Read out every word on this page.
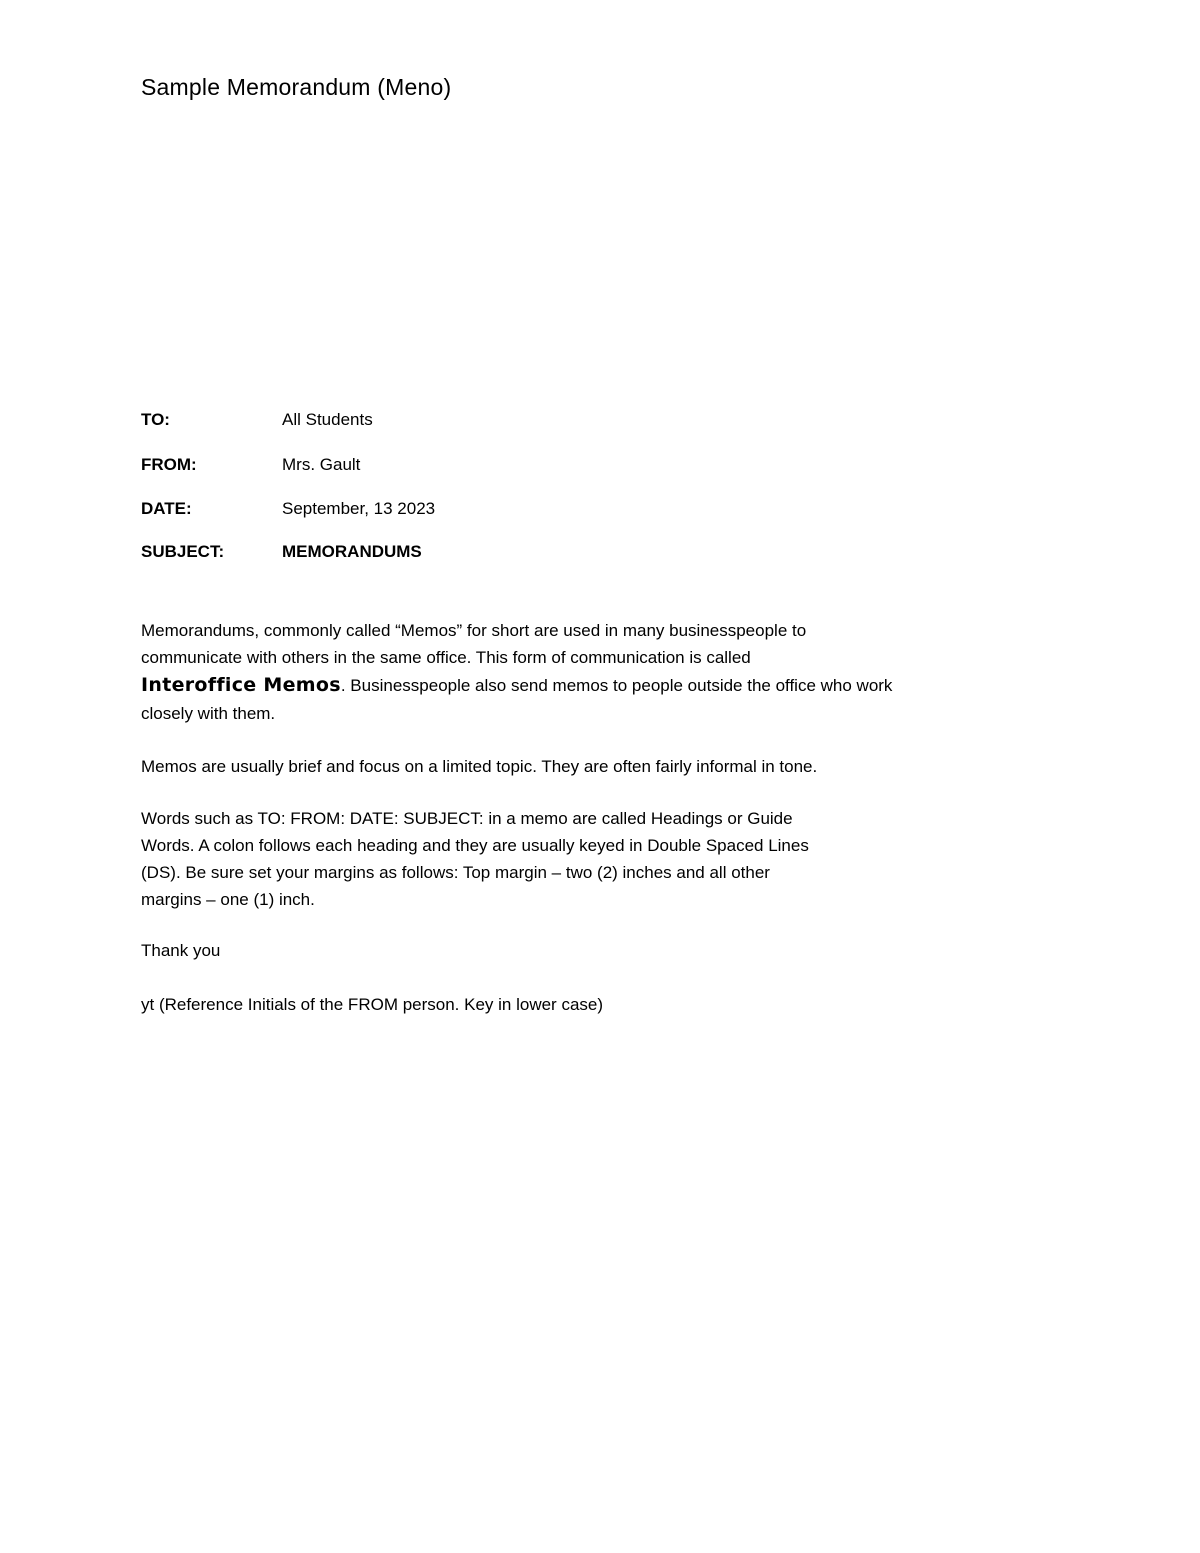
Sample Memorandum (Meno)
TO:	All Students
FROM:	Mrs. Gault
DATE:	September, 13 2023
SUBJECT:	MEMORANDUMS
Memorandums, commonly called “Memos” for short are used in many businesspeople to
communicate with others in the same office. This form of communication is called
Interoffice Memos. Businesspeople also send memos to people outside the office who work
closely with them.
Memos are usually brief and focus on a limited topic. They are often fairly informal in tone.
Words such as TO: FROM: DATE: SUBJECT: in a memo are called Headings or Guide
Words. A colon follows each heading and they are usually keyed in Double Spaced Lines
(DS). Be sure set your margins as follows: Top margin – two (2) inches and all other
margins – one (1) inch.
Thank you
yt (Reference Initials of the FROM person. Key in lower case)
